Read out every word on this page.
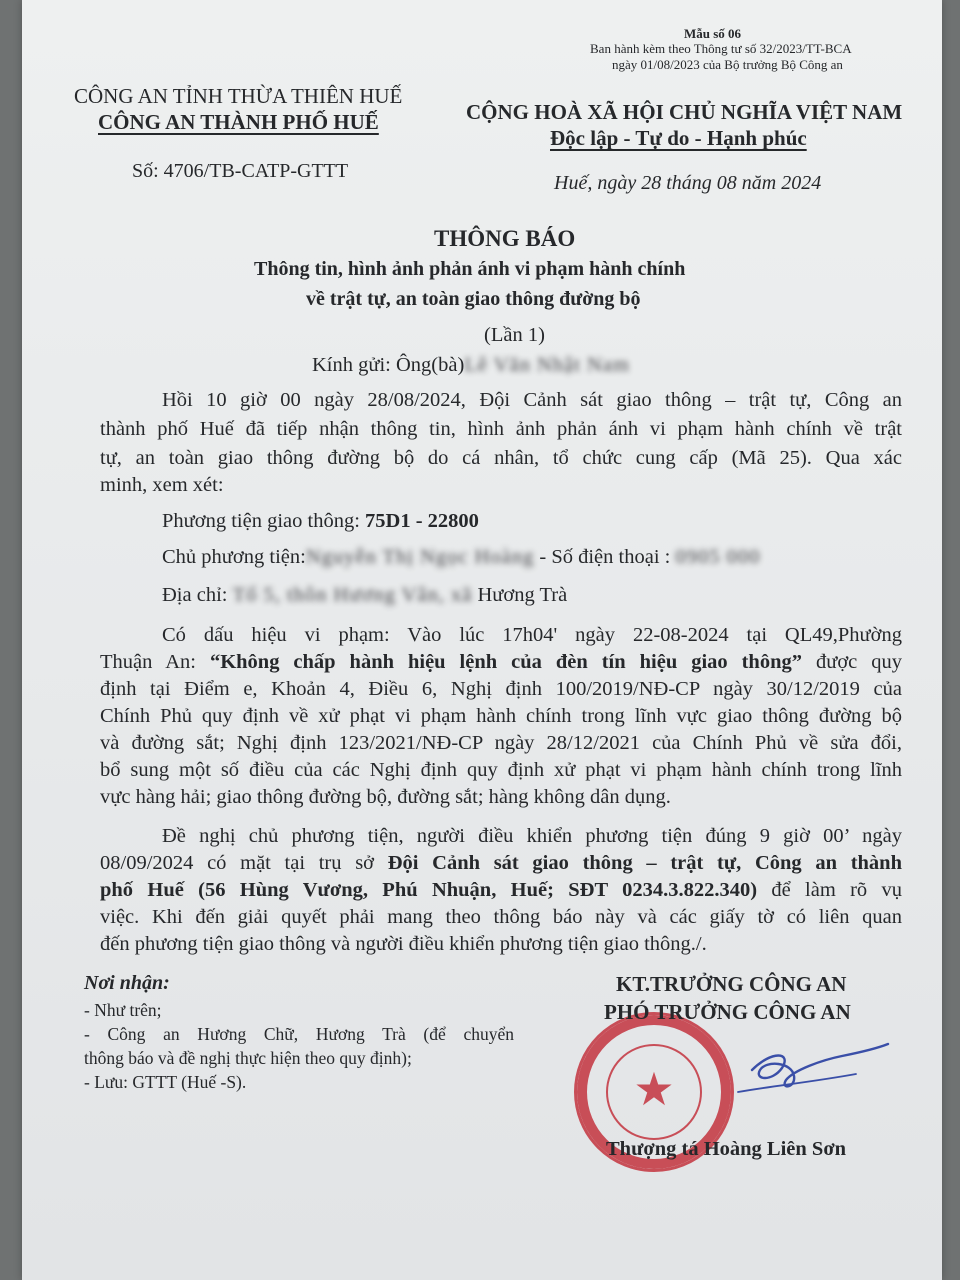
Mẫu số 06
Ban hành kèm theo Thông tư số 32/2023/TT-BCA
ngày 01/08/2023 của Bộ trưởng Bộ Công an
CÔNG AN TỈNH THỪA THIÊN HUẾ
CÔNG AN THÀNH PHỐ HUẾ
Số: 4706/TB-CATP-GTTT
CỘNG HOÀ XÃ HỘI CHỦ NGHĨA VIỆT NAM
Độc lập - Tự do - Hạnh phúc
Huế, ngày 28 tháng 08 năm 2024
THÔNG BÁO
Thông tin, hình ảnh phản ánh vi phạm hành chính
về trật tự, an toàn giao thông đường bộ
(Lần 1)
Kính gửi: Ông(bà)Lê Văn Nhật Nam
Hồi 10 giờ 00 ngày 28/08/2024, Đội Cảnh sát giao thông – trật tự, Công an
thành phố Huế đã tiếp nhận thông tin, hình ảnh phản ánh vi phạm hành chính về trật
tự, an toàn giao thông đường bộ do cá nhân, tổ chức cung cấp (Mã 25). Qua xác
minh, xem xét:
Phương tiện giao thông: 75D1 - 22800
Chủ phương tiện:Nguyễn Thị Ngọc Hoàng - Số điện thoại : 0905 000
Địa chỉ: Tổ 5, thôn Hương Vân, xã Hương Trà
Có dấu hiệu vi phạm: Vào lúc 17h04' ngày 22-08-2024 tại QL49,Phường
Thuận An: “Không chấp hành hiệu lệnh của đèn tín hiệu giao thông” được quy
định tại Điểm e, Khoản 4, Điều 6, Nghị định 100/2019/NĐ-CP ngày 30/12/2019 của
Chính Phủ quy định về xử phạt vi phạm hành chính trong lĩnh vực giao thông đường bộ
và đường sắt; Nghị định 123/2021/NĐ-CP ngày 28/12/2021 của Chính Phủ về sửa đổi,
bổ sung một số điều của các Nghị định quy định xử phạt vi phạm hành chính trong lĩnh
vực hàng hải; giao thông đường bộ, đường sắt; hàng không dân dụng.
Đề nghị chủ phương tiện, người điều khiển phương tiện đúng 9 giờ 00’ ngày
08/09/2024 có mặt tại trụ sở Đội Cảnh sát giao thông – trật tự, Công an thành
phố Huế (56 Hùng Vương, Phú Nhuận, Huế; SĐT 0234.3.822.340) để làm rõ vụ
việc. Khi đến giải quyết phải mang theo thông báo này và các giấy tờ có liên quan
đến phương tiện giao thông và người điều khiển phương tiện giao thông./.
Nơi nhận:
- Như trên;
- Công an Hương Chữ, Hương Trà (để chuyển
thông báo và đề nghị thực hiện theo quy định);
- Lưu: GTTT (Huế -S).
KT.TRƯỞNG CÔNG AN
★
PHÓ TRƯỞNG CÔNG AN
Thượng tá Hoàng Liên Sơn
